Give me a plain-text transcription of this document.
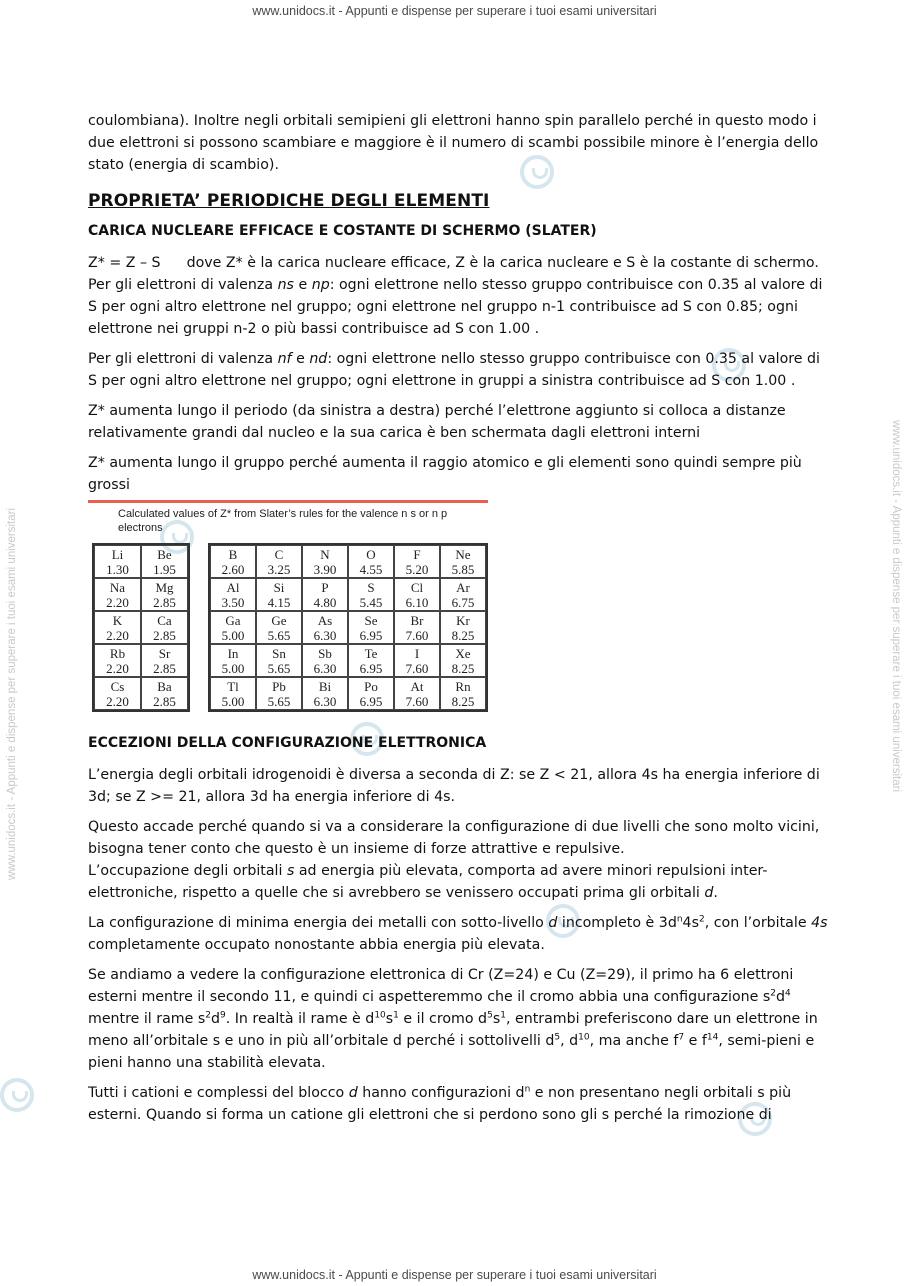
www.unidocs.it - Appunti e dispense per superare i tuoi esami universitari
www.unidocs.it - Appunti e dispense per superare i tuoi esami universitari
www.unidocs.it - Appunti e dispense per superare i tuoi esami universitari	www.unidocs.it - Appunti e dispense per superare i tuoi esami universitari

coulombiana). Inoltre negli orbitali semipieni gli elettroni hanno spin parallelo perché in questo modo i due elettroni si possono scambiare e maggiore è il numero di scambi possibile minore è l’energia dello stato (energia di scambio).

PROPRIETA’ PERIODICHE DEGLI ELEMENTI
CARICA NUCLEARE EFFICACE E COSTANTE DI SCHERMO (SLATER)

Z* = Z – S dove Z* è la carica nucleare efficace, Z è la carica nucleare e S è la costante di schermo.

Per gli elettroni di valenza ns e np: ogni elettrone nello stesso gruppo contribuisce con 0.35 al valore di S per ogni altro elettrone nel gruppo; ogni elettrone nel gruppo n-1 contribuisce ad S con 0.85; ogni elettrone nei gruppi n-2 o più bassi contribuisce ad S con 1.00 .

Per gli elettroni di valenza nf e nd: ogni elettrone nello stesso gruppo contribuisce con 0.35 al valore di S per ogni altro elettrone nel gruppo; ogni elettrone in gruppi a sinistra contribuisce ad S con 1.00 .

Z* aumenta lungo il periodo (da sinistra a destra) perché l’elettrone aggiunto si colloca a distanze relativamente grandi dal nucleo e la sua carica è ben schermata dagli elettroni interni

Z* aumenta lungo il gruppo perché aumenta il raggio atomico e gli elementi sono quindi sempre più grossi

Calculated values of Z* from Slater’s rules for the valence n s or n p electrons
Li
1.30
Be
1.95
Na
2.20
Mg
2.85
K
2.20
Ca
2.85
Rb
2.20
Sr
2.85
Cs
2.20
Ba
2.85
B
2.60
C
3.25
N
3.90
O
4.55
F
5.20
Ne
5.85
Al
3.50
Si
4.15
P
4.80
S
5.45
Cl
6.10
Ar
6.75
Ga
5.00
Ge
5.65
As
6.30
Se
6.95
Br
7.60
Kr
8.25
In
5.00
Sn
5.65
Sb
6.30
Te
6.95
I
7.60
Xe
8.25
Tl
5.00
Pb
5.65
Bi
6.30
Po
6.95
At
7.60
Rn
8.25
ECCEZIONI DELLA CONFIGURAZIONE ELETTRONICA

L’energia degli orbitali idrogenoidi è diversa a seconda di Z: se Z < 21, allora 4s ha energia inferiore di 3d; se Z >= 21, allora 3d ha energia inferiore di 4s.

Questo accade perché quando si va a considerare la configurazione di due livelli che sono molto vicini, bisogna tener conto che questo è un insieme di forze attrattive e repulsive.

L’occupazione degli orbitali s ad energia più elevata, comporta ad avere minori repulsioni inter-elettroniche, rispetto a quelle che si avrebbero se venissero occupati prima gli orbitali d.

La configurazione di minima energia dei metalli con sotto-livello d incompleto è $3d^n4s^2$, con l’orbitale 4s completamente occupato nonostante abbia energia più elevata.

Se andiamo a vedere la configurazione elettronica di Cr (Z=24) e Cu (Z=29), il primo ha 6 elettroni esterni mentre il secondo 11, e quindi ci aspetteremmo che il cromo abbia una configurazione $s^2d^4$ mentre il rame $s^2d^9$. In realtà il rame è $d^{10}s^1$ e il cromo $d^5s^1$, entrambi preferiscono dare un elettrone in meno all’orbitale s e uno in più all’orbitale d perché i sottolivelli $d^5$, $d^{10}$, ma anche $f^7$ e $f^{14}$, semi-pieni e pieni hanno una stabilità elevata.

Tutti i cationi e complessi del blocco d hanno configurazioni $d^n$ e non presentano negli orbitali s più esterni. Quando si forma un catione gli elettroni che si perdono sono gli s perché la rimozione di
